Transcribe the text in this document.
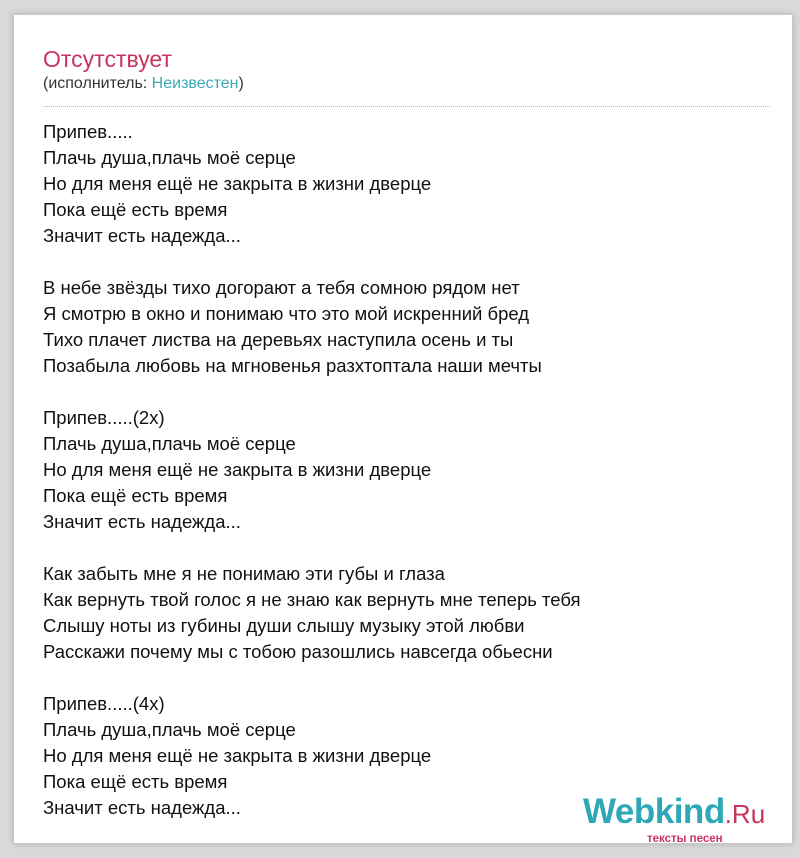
Отсутствует
(исполнитель: Неизвестен)
Припев.....
Плачь душа,плачь моё серце
Но для меня ещё не закрыта в жизни дверце
Пока ещё есть время
Значит есть надежда...
В небе звёзды тихо догорают а тебя сомною рядом нет
Я смотрю в окно и понимаю что это мой искренний бред
Тихо плачет листва на деревьях наступила осень и ты
Позабыла любовь на мгновенья разхтоптала наши мечты
Припев.....(2х)
Плачь душа,плачь моё серце
Но для меня ещё не закрыта в жизни дверце
Пока ещё есть время
Значит есть надежда...
Как забыть мне я не понимаю эти губы и глаза
Как вернуть твой голос я не знаю как вернуть мне теперь тебя
Слышу ноты из губины души слышу музыку этой любви
Расскажи почему мы с тобою разошлись навсегда обьесни
Припев.....(4х)
Плачь душа,плачь моё серце
Но для меня ещё не закрыта в жизни дверце
Пока ещё есть время
Значит есть надежда...	Webkind.Ru
тексты песен
